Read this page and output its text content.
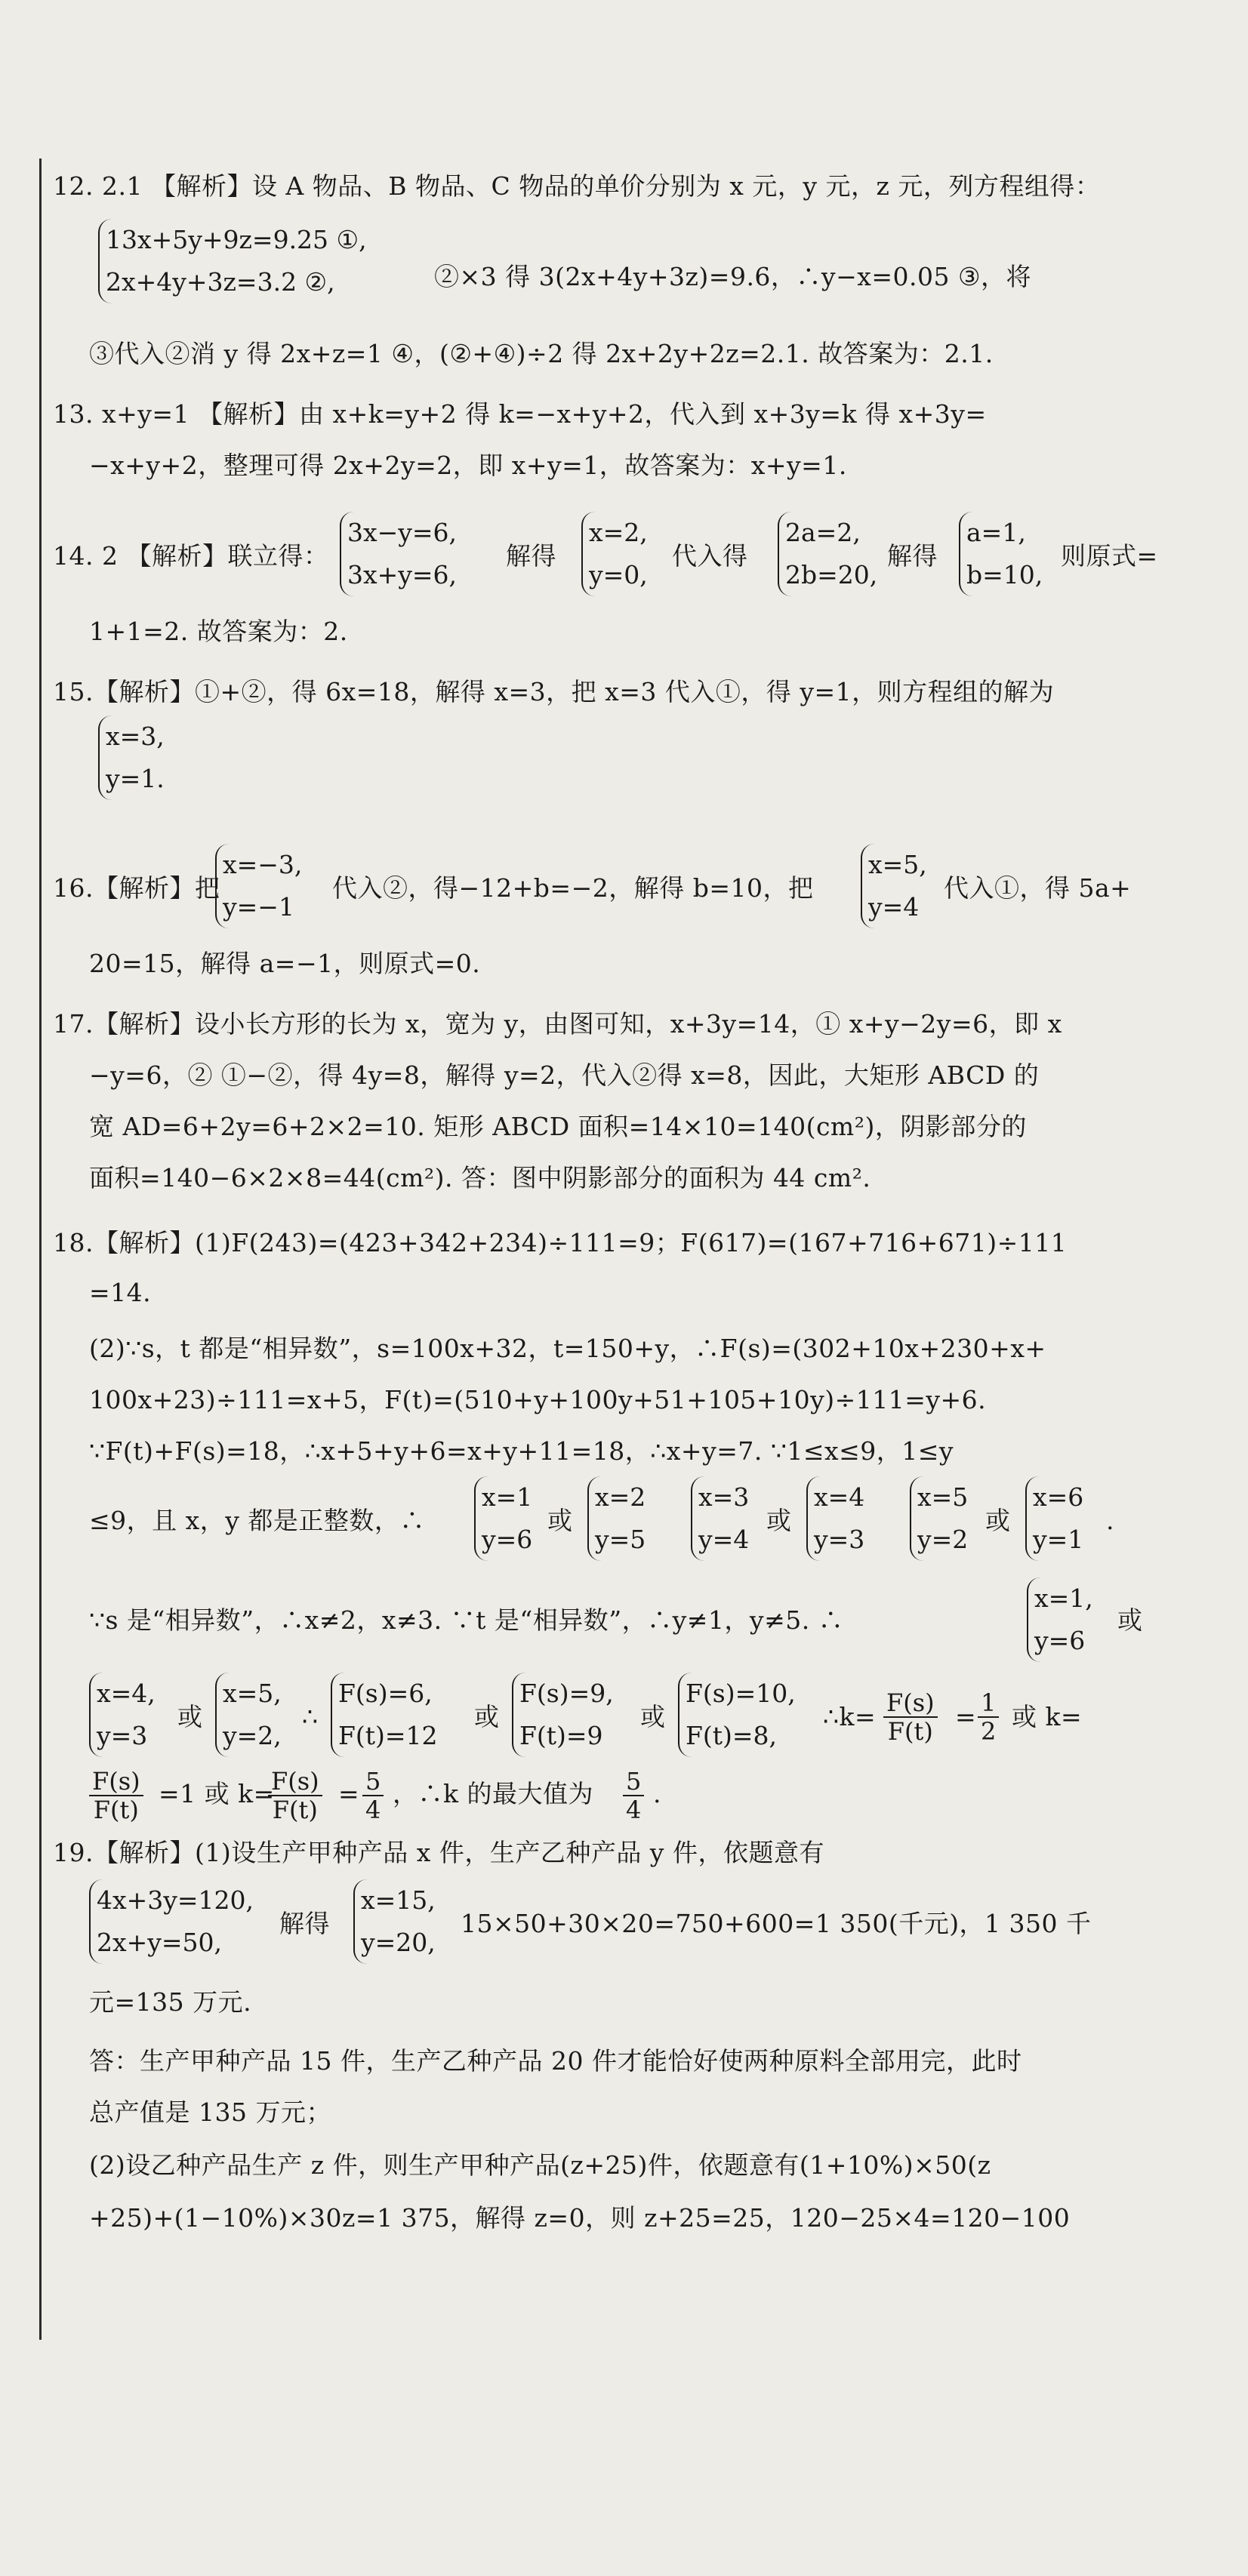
12. 2.1 【解析】设 A 物品、B 物品、C 物品的单价分别为 x 元，y 元，z 元，列方程组得：
13x+5y+9z=9.25 ①,
2x+4y+3z=3.2 ②,	②×3 得 3(2x+4y+3z)=9.6，∴y−x=0.05 ③，将
③代入②消 y 得 2x+z=1 ④，(②+④)÷2 得 2x+2y+2z=2.1. 故答案为：2.1.
13. x+y=1 【解析】由 x+k=y+2 得 k=−x+y+2，代入到 x+3y=k 得 x+3y=
−x+y+2，整理可得 2x+2y=2，即 x+y=1，故答案为：x+y=1.
14. 2 【解析】联立得：
3x−y=6,
3x+y=6,
解得
x=2,
y=0,
代入得
2a=2,
2b=20,
解得
a=1,
b=10,
则原式=
1+1=2. 故答案为：2.
15.【解析】①+②，得 6x=18，解得 x=3，把 x=3 代入①，得 y=1，则方程组的解为
x=3,
y=1.
16.【解析】把
x=−3,
y=−1
代入②，得−12+b=−2，解得 b=10，把
x=5,
y=4
代入①，得 5a+
20=15，解得 a=−1，则原式=0.
17.【解析】设小长方形的长为 x，宽为 y，由图可知，x+3y=14，① x+y−2y=6，即 x
−y=6，② ①−②，得 4y=8，解得 y=2，代入②得 x=8，因此，大矩形 ABCD 的
宽 AD=6+2y=6+2×2=10. 矩形 ABCD 面积=14×10=140(cm²)，阴影部分的
面积=140−6×2×8=44(cm²). 答：图中阴影部分的面积为 44 cm².
18.【解析】(1)F(243)=(423+342+234)÷111=9；F(617)=(167+716+671)÷111
=14.
(2)∵s，t 都是“相异数”，s=100x+32，t=150+y，∴F(s)=(302+10x+230+x+
100x+23)÷111=x+5，F(t)=(510+y+100y+51+105+10y)÷111=y+6.
∵F(t)+F(s)=18，∴x+5+y+6=x+y+11=18，∴x+y=7. ∵1≤x≤9，1≤y
≤9，且 x，y 都是正整数，∴
x=1
y=6
或
x=2
y=5
x=3
y=4
或
x=4
y=3
x=5
y=2
或
x=6
y=1
.
∵s 是“相异数”，∴x≠2，x≠3. ∵t 是“相异数”，∴y≠1，y≠5. ∴
x=1,
y=6
或
x=4,
y=3
或
x=5,
y=2,
∴
F(s)=6,
F(t)=12
或
F(s)=9,
F(t)=9
或
F(s)=10,
F(t)=8,
∴k= $\frac{F(s)}{F(t)} = \frac{1}{2}$ 或 k=
$\frac{F(s)}{F(t)} =1$ 或 k=
$\frac{F(s)}{F(t)} = \frac{5}{4}$ ，∴k 的最大值为 $\frac{5}{4}$ .
19.【解析】(1)设生产甲种产品 x 件，生产乙种产品 y 件，依题意有
4x+3y=120,
2x+y=50,
解得
x=15,
y=20,
15×50+30×20=750+600=1 350(千元)，1 350 千
元=135 万元.
答：生产甲种产品 15 件，生产乙种产品 20 件才能恰好使两种原料全部用完，此时
总产值是 135 万元；
(2)设乙种产品生产 z 件，则生产甲种产品(z+25)件，依题意有(1+10%)×50(z
+25)+(1−10%)×30z=1 375，解得 z=0，则 z+25=25，120−25×4=120−100
